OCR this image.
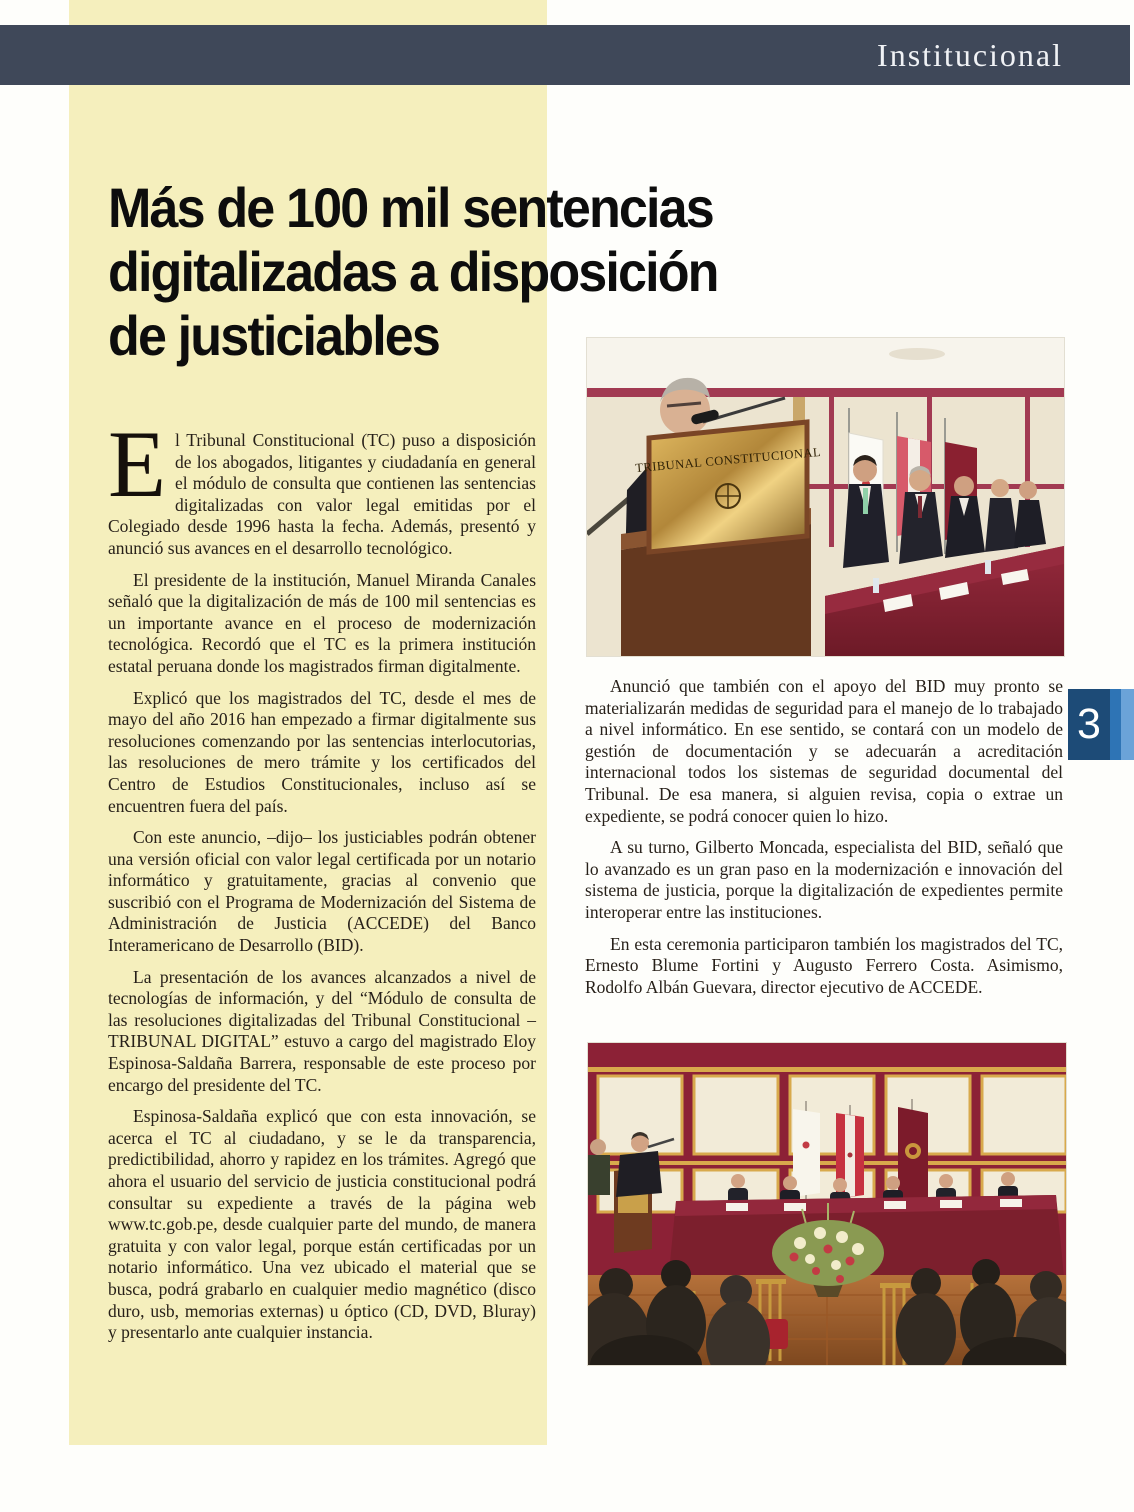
Institucional
Más de 100 mil sentencias
digitalizadas a disposición
de justiciables
TRIBUNAL CONSTITUCIONAL

El Tribunal Constitucional (TC) puso a disposición de los abogados, litigantes y ciudadanía en general el módulo de consulta que contienen las sentencias digitalizadas con valor legal emitidas por el Colegiado desde 1996 hasta la fecha. Además, presentó y anunció sus avances en el desarrollo tecnológico.

El presidente de la institución, Manuel Miranda Canales señaló que la digitalización de más de 100 mil sentencias es un importante avance en el proceso de modernización tecnológica. Recordó que el TC es la primera institución estatal peruana donde los magistrados firman digitalmente.

Explicó que los magistrados del TC, desde el mes de mayo del año 2016 han empezado a firmar digitalmente sus resoluciones comenzando por las sentencias interlocutorias, las resoluciones de mero trámite y los certificados del Centro de Estudios Constitucionales, incluso así se encuentren fuera del país.

Con este anuncio, –dijo– los justiciables podrán obtener una versión oficial con valor legal certificada por un notario informático y gratuitamente, gracias al convenio que suscribió con el Programa de Modernización del Sistema de Administración de Justicia (ACCEDE) del Banco Interamericano de Desarrollo (BID).

La presentación de los avances alcanzados a nivel de tecnologías de información, y del “Módulo de consulta de las resoluciones digitalizadas del Tribunal Constitucional – TRIBUNAL DIGITAL” estuvo a cargo del magistrado Eloy Espinosa-Saldaña Barrera, responsable de este proceso por encargo del presidente del TC.

Espinosa-Saldaña explicó que con esta innovación, se acerca el TC al ciudadano, y se le da transparencia, predictibilidad, ahorro y rapidez en los trámites. Agregó que ahora el usuario del servicio de justicia constitucional podrá consultar su expediente a través de la página web www.tc.gob.pe, desde cualquier parte del mundo, de manera gratuita y con valor legal, porque están certificadas por un notario informático. Una vez ubicado el material que se busca, podrá grabarlo en cualquier medio magnético (disco duro, usb, memorias externas) u óptico (CD, DVD, Bluray) y presentarlo ante cualquier instancia.

Anunció que también con el apoyo del BID muy pronto se materializarán medidas de seguridad para el manejo de lo trabajado a nivel informático. En ese sentido, se contará con un modelo de gestión de documentación y se adecuarán a acreditación internacional todos los sistemas de seguridad documental del Tribunal. De esa manera, si alguien revisa, copia o extrae un expediente, se podrá conocer quien lo hizo.

A su turno, Gilberto Moncada, especialista del BID, señaló que lo avanzado es un gran paso en la modernización e innovación del sistema de justicia, porque la digitalización de expedientes permite interoperar entre las instituciones.

En esta ceremonia participaron también los magistrados del TC, Ernesto Blume Fortini y Augusto Ferrero Costa. Asimismo, Rodolfo Albán Guevara, director ejecutivo de ACCEDE.

3
